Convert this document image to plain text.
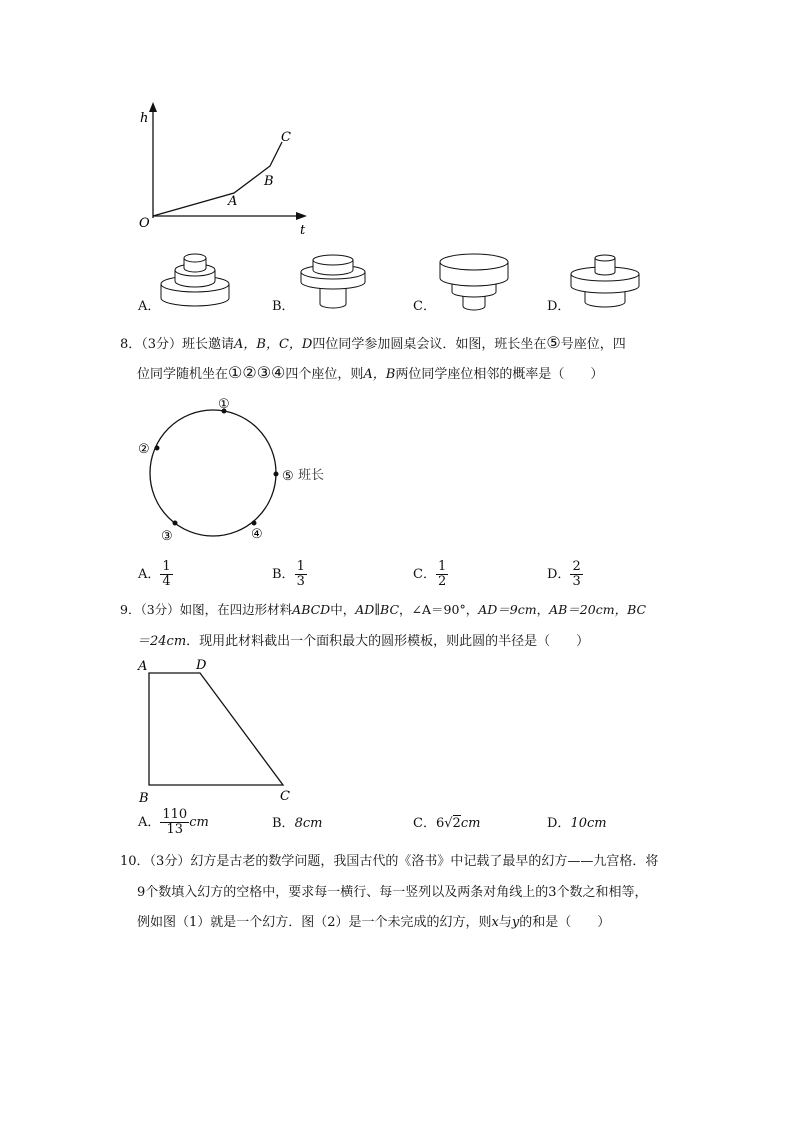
h
t
O
A
B
C
A．	B．	C．	D．
8．（3分）班长邀请A，B，C，D四位同学参加圆桌会议．如图，班长坐在⑤号座位，四
位同学随机坐在①②③④四个座位，则A，B两位同学座位相邻的概率是（　　）
①
②
③	④
⑤ 班长
A． $\frac{1}{4}$	B． $\frac{1}{3}$	C． $\frac{1}{2}$	D． $\frac{2}{3}$
9．（3分）如图，在四边形材料ABCD中，AD∥BC，∠A＝90°，AD＝9cm，AB＝20cm，BC
＝24cm．现用此材料截出一个面积最大的圆形模板，则此圆的半径是（　　）
A	D
B	C
A． $\frac{110}{13}$ cm	B．8cm	C．6√2cm	D．10cm
10．（3分）幻方是古老的数学问题，我国古代的《洛书》中记载了最早的幻方——九宫格．将
9个数填入幻方的空格中，要求每一横行、每一竖列以及两条对角线上的3个数之和相等，
例如图（1）就是一个幻方．图（2）是一个未完成的幻方，则x与y的和是（　　）
